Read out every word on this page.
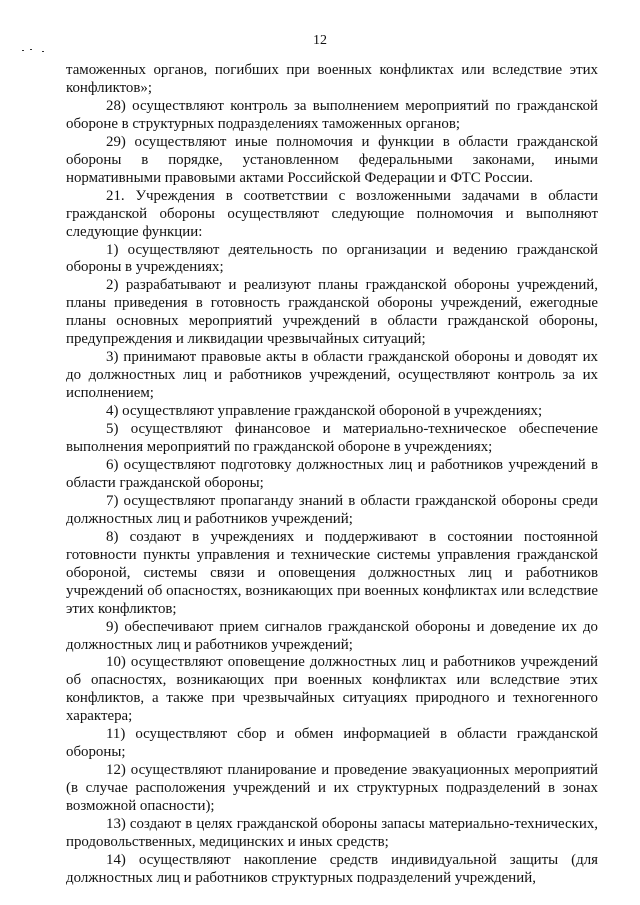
12

таможенных органов, погибших при военных конфликтах или вследствие этих конфликтов»;

28) осуществляют контроль за выполнением мероприятий по гражданской обороне в структурных подразделениях таможенных органов;

29) осуществляют иные полномочия и функции в области гражданской обороны в порядке, установленном федеральными законами, иными нормативными правовыми актами Российской Федерации и ФТС России.

21. Учреждения в соответствии с возложенными задачами в области гражданской обороны осуществляют следующие полномочия и выполняют следующие функции:

1) осуществляют деятельность по организации и ведению гражданской обороны в учреждениях;

2) разрабатывают и реализуют планы гражданской обороны учреждений, планы приведения в готовность гражданской обороны учреждений, ежегодные планы основных мероприятий учреждений в области гражданской обороны, предупреждения и ликвидации чрезвычайных ситуаций;

3) принимают правовые акты в области гражданской обороны и доводят их до должностных лиц и работников учреждений, осуществляют контроль за их исполнением;

4) осуществляют управление гражданской обороной в учреждениях;

5) осуществляют финансовое и материально-техническое обеспечение выполнения мероприятий по гражданской обороне в учреждениях;

6) осуществляют подготовку должностных лиц и работников учреждений в области гражданской обороны;

7) осуществляют пропаганду знаний в области гражданской обороны среди должностных лиц и работников учреждений;

8) создают в учреждениях и поддерживают в состоянии постоянной готовности пункты управления и технические системы управления гражданской обороной, системы связи и оповещения должностных лиц и работников учреждений об опасностях, возникающих при военных конфликтах или вследствие этих конфликтов;

9) обеспечивают прием сигналов гражданской обороны и доведение их до должностных лиц и работников учреждений;

10) осуществляют оповещение должностных лиц и работников учреждений об опасностях, возникающих при военных конфликтах или вследствие этих конфликтов, а также при чрезвычайных ситуациях природного и техногенного характера;

11) осуществляют сбор и обмен информацией в области гражданской обороны;

12) осуществляют планирование и проведение эвакуационных мероприятий (в случае расположения учреждений и их структурных подразделений в зонах возможной опасности);

13) создают в целях гражданской обороны запасы материально-технических, продовольственных, медицинских и иных средств;

14) осуществляют накопление средств индивидуальной защиты (для должностных лиц и работников структурных подразделений учреждений,
